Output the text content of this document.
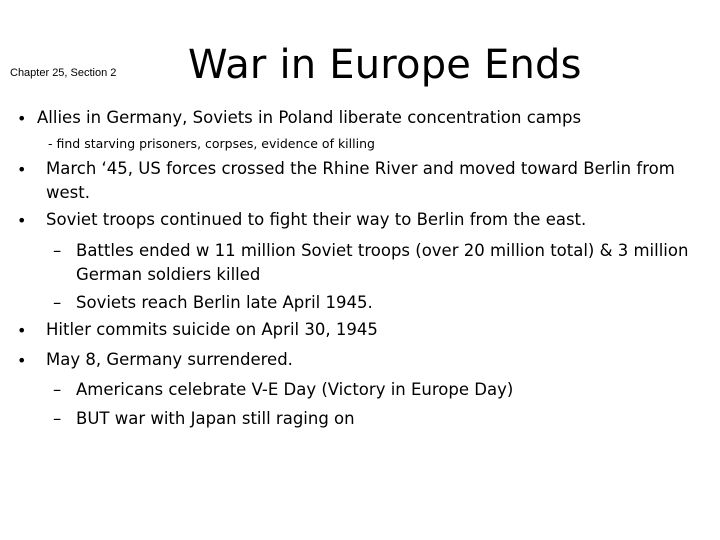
Chapter 25, Section 2 War in Europe Ends
• Allies in Germany, Soviets in Poland liberate concentration camps
- find starving prisoners, corpses, evidence of killing
• March ‘45, US forces crossed the Rhine River and moved toward Berlin from
west.
• Soviet troops continued to fight their way to Berlin from the east.
– Battles ended w 11 million Soviet troops (over 20 million total) & 3 million
German soldiers killed
– Soviets reach Berlin late April 1945.
• Hitler commits suicide on April 30, 1945
• May 8, Germany surrendered.
– Americans celebrate V-E Day (Victory in Europe Day)
– BUT war with Japan still raging on
